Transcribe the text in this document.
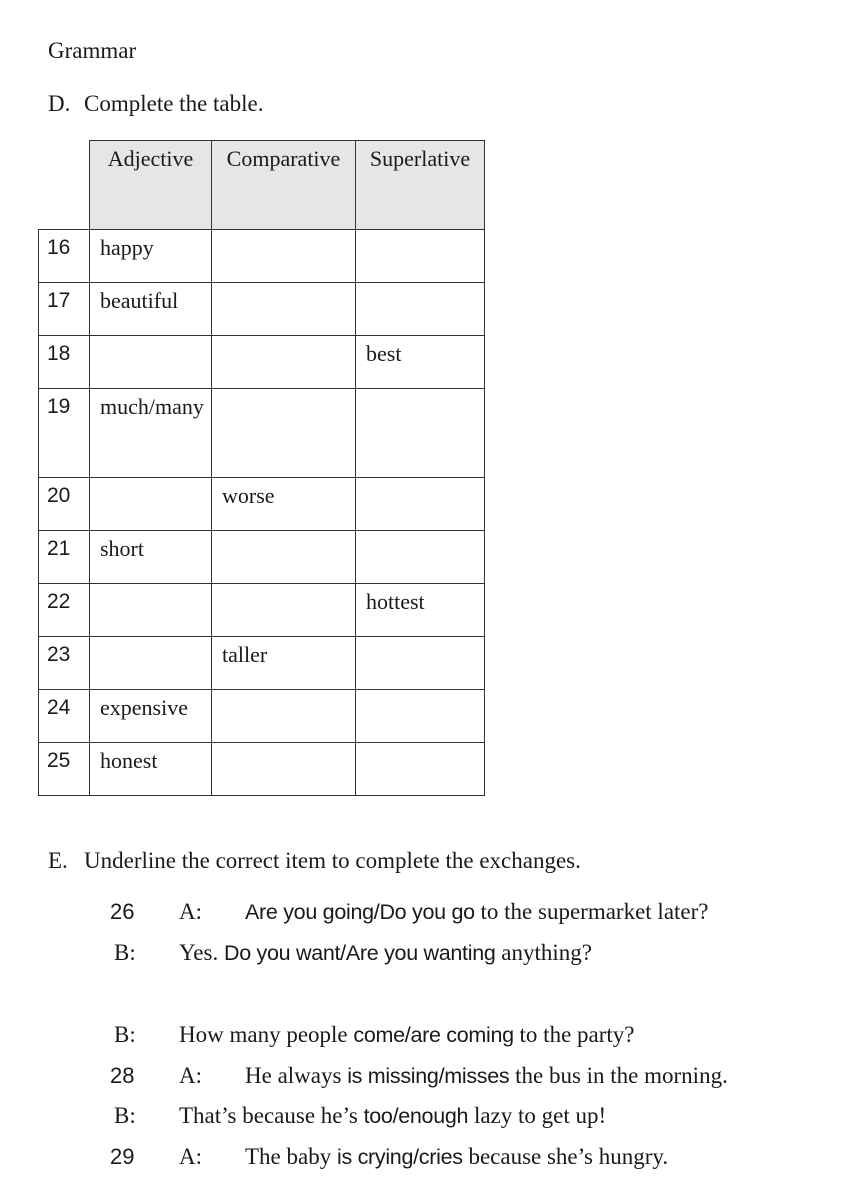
Grammar
D. Complete the table.

	Adjective	Comparative	Superlative

16	happy		
17	beautiful		
18			best
19	much/many		

20		worse	
21	short		
22			hottest
23		taller	
24	expensive		
25	honest		
E. Underline the correct item to complete the exchanges.
26 A: Are you going/Do you go to the supermarket later?
B: Yes. Do you want/Are you wanting anything?
B: How many people come/are coming to the party?
28 A: He always is missing/misses the bus in the morning.
B: That’s because he’s too/enough lazy to get up!
29 A: The baby is crying/cries because she’s hungry.
